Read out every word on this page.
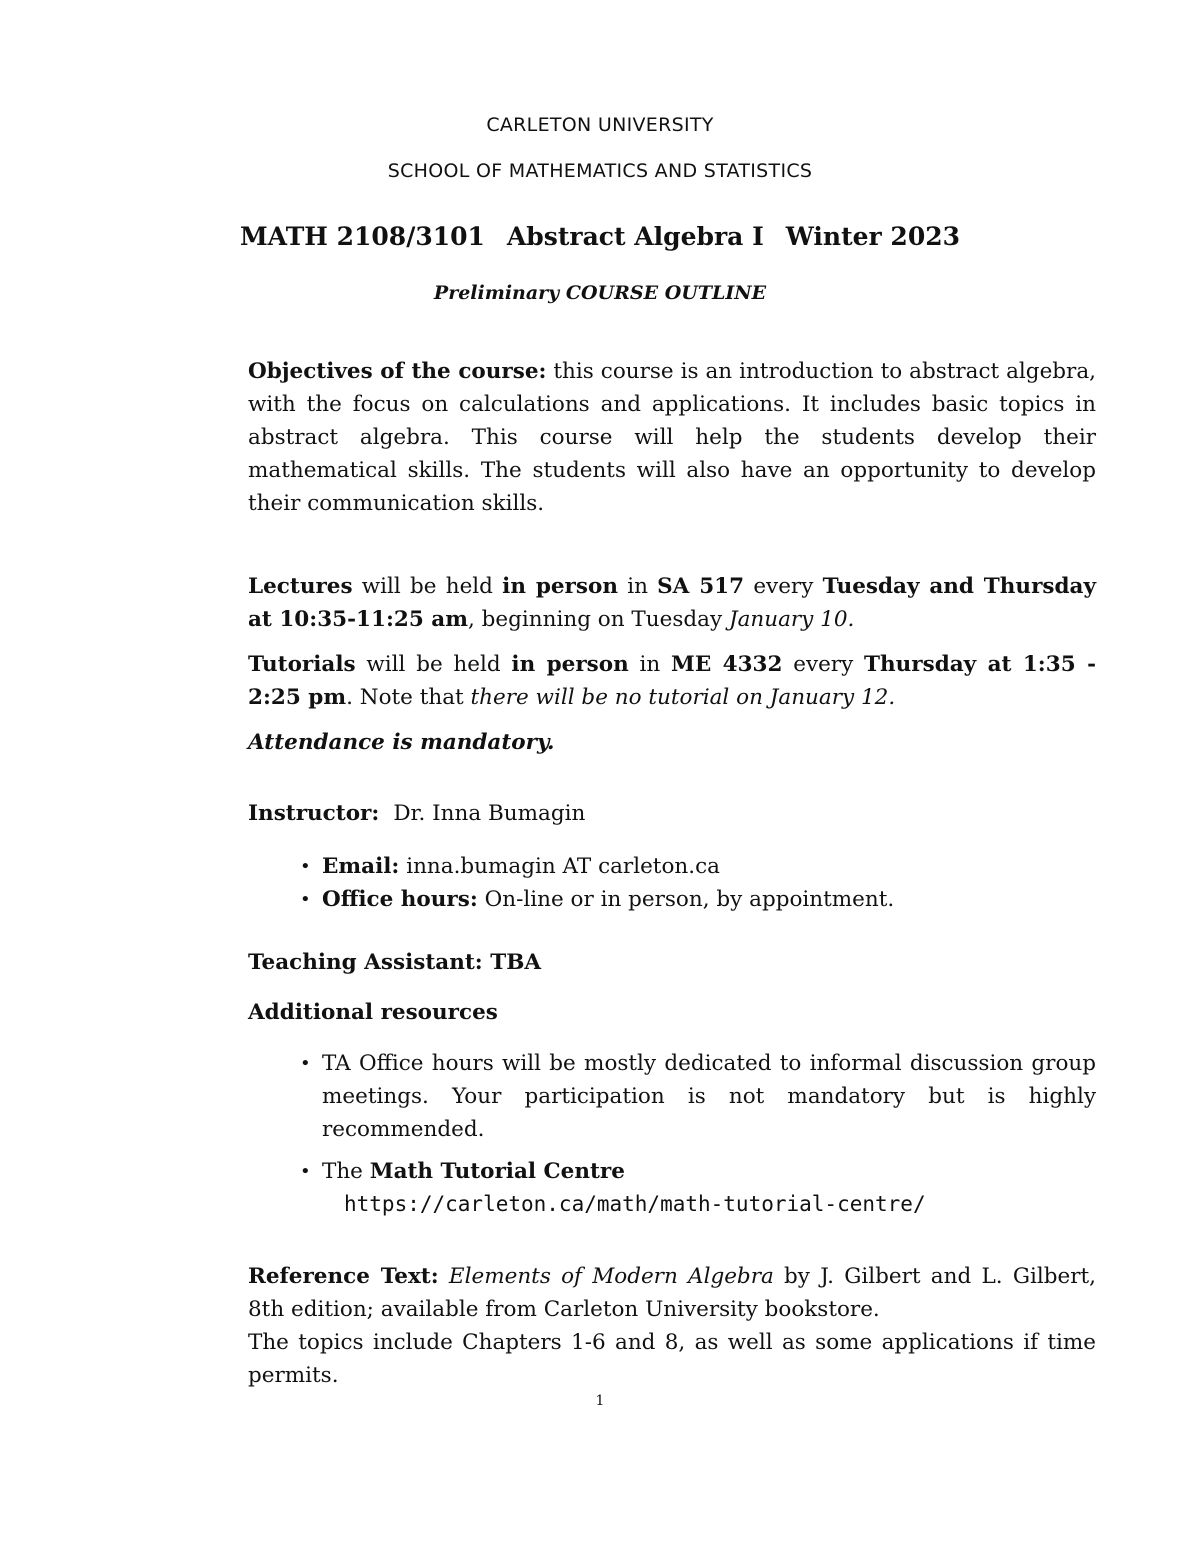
CARLETON UNIVERSITY
SCHOOL OF MATHEMATICS AND STATISTICS
MATH 2108/3101 Abstract Algebra I Winter 2023
Preliminary COURSE OUTLINE
Objectives of the course: this course is an introduction to abstract algebra, with the focus on calculations and applications. It includes basic topics in abstract algebra. This course will help the students develop their mathematical skills. The students will also have an opportunity to develop their communication skills.
Lectures will be held in person in SA 517 every Tuesday and Thursday at 10:35-11:25 am, beginning on Tuesday January 10.
Tutorials will be held in person in ME 4332 every Thursday at 1:35 - 2:25 pm. Note that there will be no tutorial on January 12.
Attendance is mandatory.
Instructor: Dr. Inna Bumagin
• Email: inna.bumagin AT carleton.ca
• Office hours: On-line or in person, by appointment.
Teaching Assistant: TBA
Additional resources
• TA Office hours will be mostly dedicated to informal discussion group meetings. Your participation is not mandatory but is highly recommended.
• The Math Tutorial Centre
https://carleton.ca/math/math-tutorial-centre/
Reference Text: Elements of Modern Algebra by J. Gilbert and L. Gilbert, 8th edition; available from Carleton University bookstore.
The topics include Chapters 1-6 and 8, as well as some applications if time permits.
1
